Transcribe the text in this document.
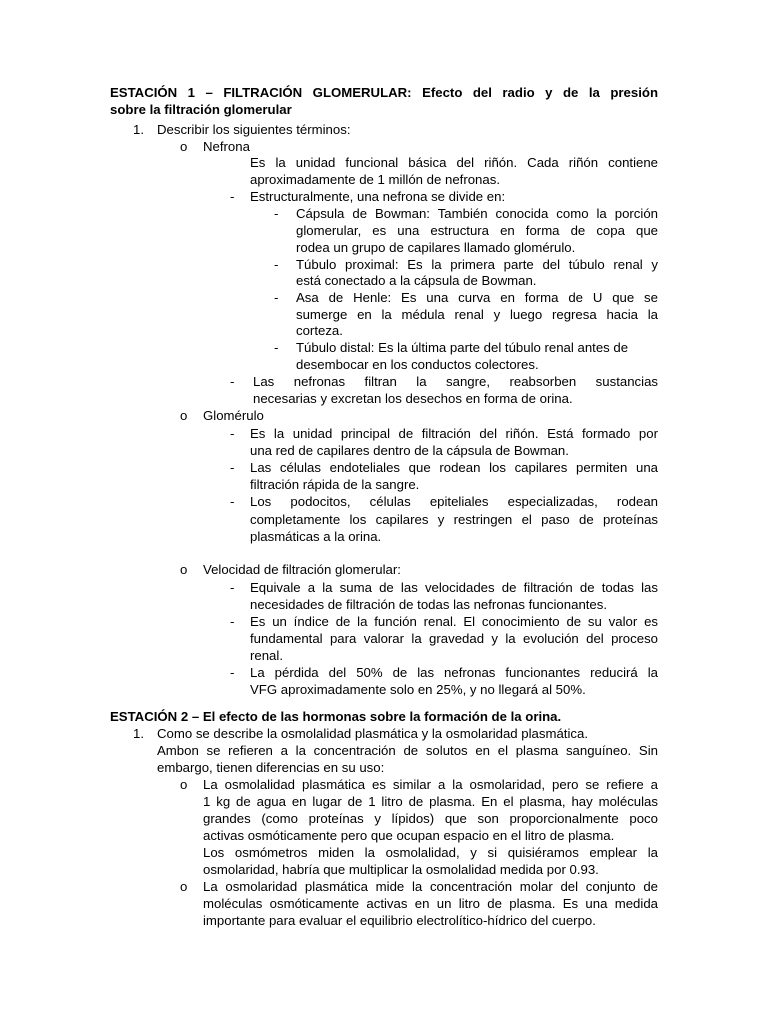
ESTACIÓN 1 – FILTRACIÓN GLOMERULAR: Efecto del radio y de la presión
sobre la filtración glomerular
1. Describir los siguientes términos:
o Nefrona
Es la unidad funcional básica del riñón. Cada riñón contiene
aproximadamente de 1 millón de nefronas.
- Estructuralmente, una nefrona se divide en:
- Cápsula de Bowman: También conocida como la porción
glomerular, es una estructura en forma de copa que
rodea un grupo de capilares llamado glomérulo.
- Túbulo proximal: Es la primera parte del túbulo renal y
está conectado a la cápsula de Bowman.
- Asa de Henle: Es una curva en forma de U que se
sumerge en la médula renal y luego regresa hacia la
corteza.
- Túbulo distal: Es la última parte del túbulo renal antes de
desembocar en los conductos colectores.
- Las nefronas filtran la sangre, reabsorben sustancias
necesarias y excretan los desechos en forma de orina.
o Glomérulo
- Es la unidad principal de filtración del riñón. Está formado por
una red de capilares dentro de la cápsula de Bowman.
- Las células endoteliales que rodean los capilares permiten una
filtración rápida de la sangre.
- Los podocitos, células epiteliales especializadas, rodean
completamente los capilares y restringen el paso de proteínas
plasmáticas a la orina.
o Velocidad de filtración glomerular:
- Equivale a la suma de las velocidades de filtración de todas las
necesidades de filtración de todas las nefronas funcionantes.
- Es un índice de la función renal. El conocimiento de su valor es
fundamental para valorar la gravedad y la evolución del proceso
renal.
- La pérdida del 50% de las nefronas funcionantes reducirá la
VFG aproximadamente solo en 25%, y no llegará al 50%.
ESTACIÓN 2 – El efecto de las hormonas sobre la formación de la orina.
1. Como se describe la osmolalidad plasmática y la osmolaridad plasmática.
Ambon se refieren a la concentración de solutos en el plasma sanguíneo. Sin
embargo, tienen diferencias en su uso:
o La osmolalidad plasmática es similar a la osmolaridad, pero se refiere a
1 kg de agua en lugar de 1 litro de plasma. En el plasma, hay moléculas
grandes (como proteínas y lípidos) que son proporcionalmente poco
activas osmóticamente pero que ocupan espacio en el litro de plasma.
Los osmómetros miden la osmolalidad, y si quisiéramos emplear la
osmolaridad, habría que multiplicar la osmolalidad medida por 0.93.
o La osmolaridad plasmática mide la concentración molar del conjunto de
moléculas osmóticamente activas en un litro de plasma. Es una medida
importante para evaluar el equilibrio electrolítico-hídrico del cuerpo.
